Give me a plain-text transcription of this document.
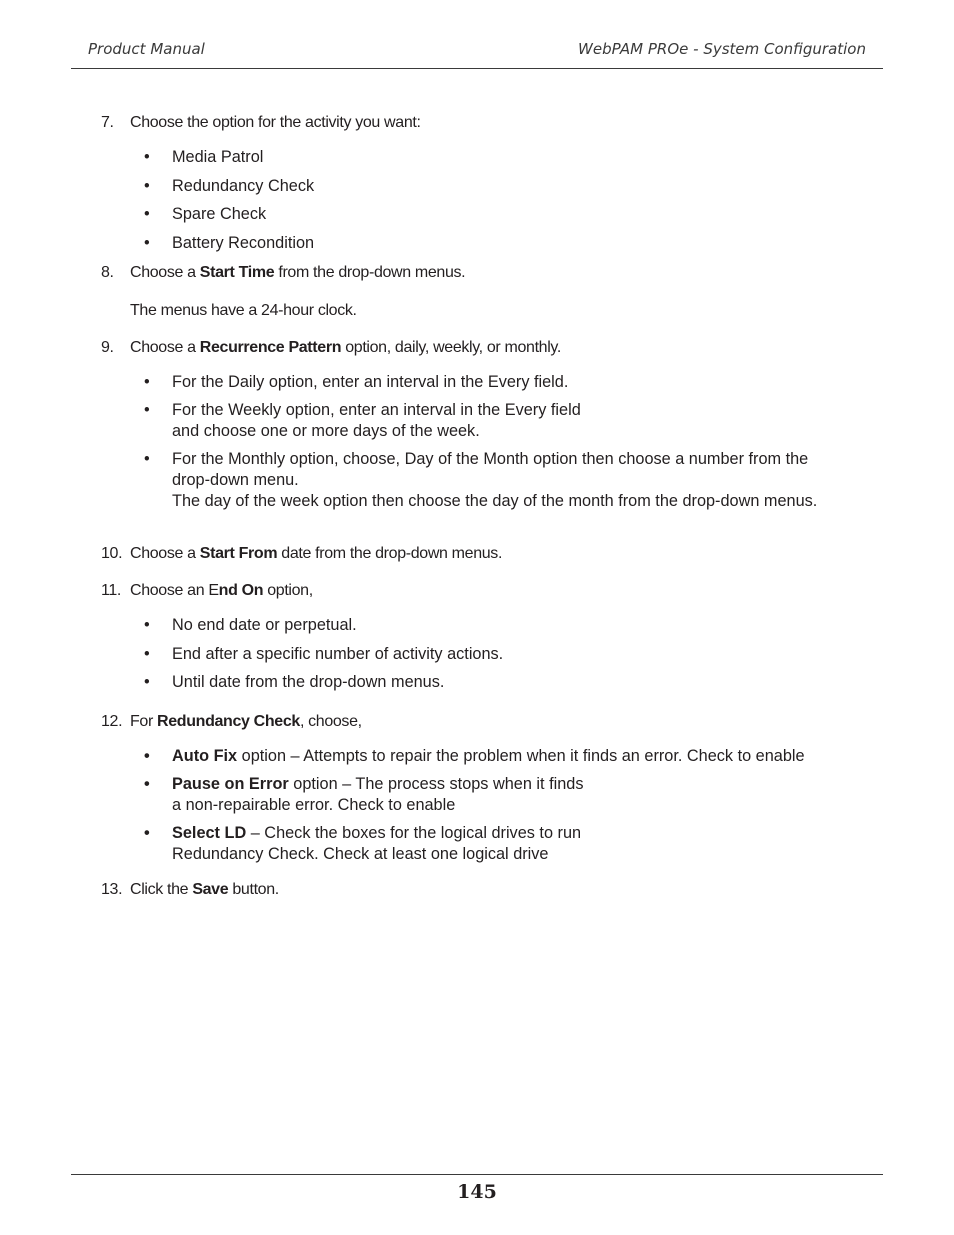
Product Manual	WebPAM PROe - System Configuration
7. Choose the option for the activity you want:
• Media Patrol
• Redundancy Check
• Spare Check
• Battery Recondition
8. Choose a Start Time from the drop-down menus.
The menus have a 24-hour clock.
9. Choose a Recurrence Pattern option, daily, weekly, or monthly.
• For the Daily option, enter an interval in the Every field.
• For the Weekly option, enter an interval in the Every field
and choose one or more days of the week.
• For the Monthly option, choose, Day of the Month option then choose a number from the
drop-down menu.
The day of the week option then choose the day of the month from the drop-down menus.
10. Choose a Start From date from the drop-down menus.
11. Choose an End On option,
• No end date or perpetual.
• End after a specific number of activity actions.
• Until date from the drop-down menus.
12. For Redundancy Check, choose,
• Auto Fix option – Attempts to repair the problem when it finds an error. Check to enable
• Pause on Error option – The process stops when it finds
a non-repairable error. Check to enable
• Select LD – Check the boxes for the logical drives to run
Redundancy Check. Check at least one logical drive
13. Click the Save button.
145
